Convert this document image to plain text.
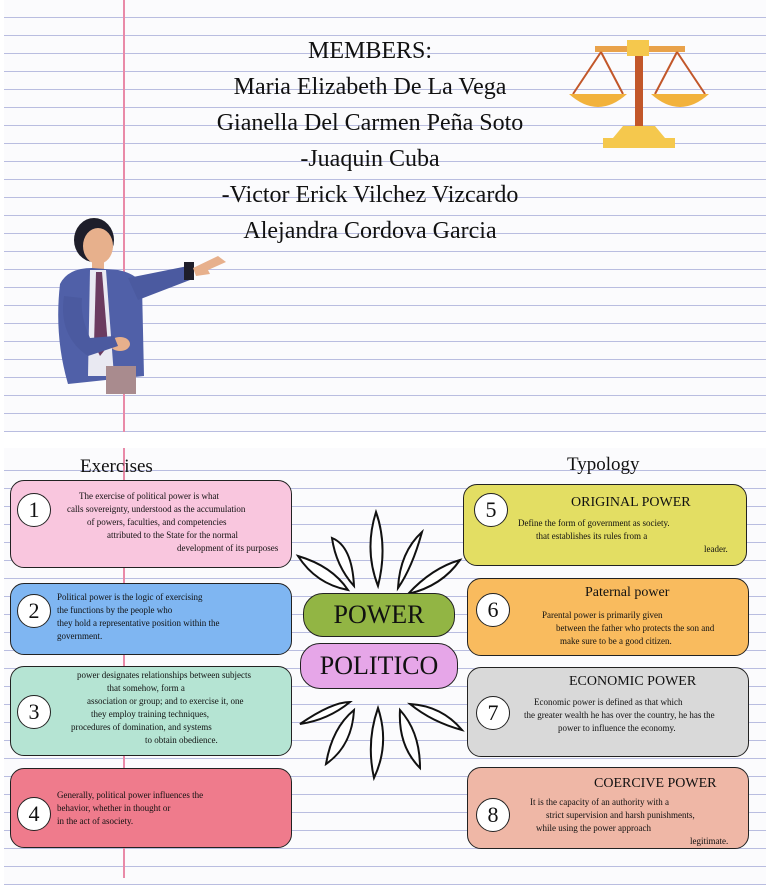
MEMBERS:
Maria Elizabeth De La Vega
Gianella Del Carmen Peña Soto
-Juaquin Cuba
-Victor Erick Vilchez Vizcardo
Alejandra Cordova Garcia
Exercises	Typology
1
The exercise of political power is what
calls sovereignty, understood as the accumulation
of powers, faculties, and competencies
attributed to the State for the normal
development of its purposes
2
Political power is the logic of exercising
the functions by the people who
they hold a representative position within the
government.
3
power designates relationships between subjects
that somehow, form a
association or group; and to exercise it, one
they employ training techniques,
procedures of domination, and systems
to obtain obedience.
4
Generally, political power influences the
behavior, whether in thought or
in the act of asociety.
5	ORIGINAL POWER
Define the form of government as society.
that establishes its rules from a
leader.
6
Paternal power
Parental power is primarily given
between the father who protects the son and
make sure to be a good citizen.
7
ECONOMIC POWER
Economic power is defined as that which
the greater wealth he has over the country, he has the
power to influence the economy.
8
COERCIVE POWER
It is the capacity of an authority with a
strict supervision and harsh punishments,
while using the power approach
legitimate.
POWER
POLITICO
